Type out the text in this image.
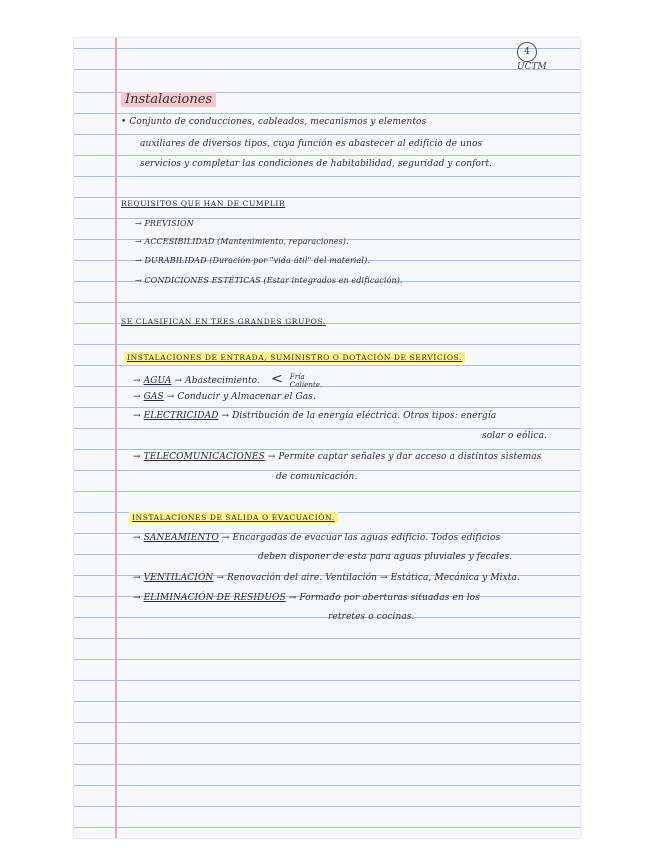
4
UCTM
Instalaciones
• Conjunto de conducciones, cableados, mecanismos y elementos
auxiliares de diversos tipos, cuya función es abastecer al edificio de unos
servicios y completar las condiciones de habitabilidad, seguridad y confort.
REQUISITOS QUE HAN DE CUMPLIR
→ PREVISIÓN
→ ACCESIBILIDAD (Mantenimiento, reparaciones).
→ DURABILIDAD (Duración por "vida útil" del material).
→ CONDICIONES ESTÉTICAS (Estar integrados en edificación).
SE CLASIFICAN EN TRES GRANDES GRUPOS.
INSTALACIONES DE ENTRADA, SUMINISTRO O DOTACIÓN DE SERVICIOS.
→ AGUA → Abastecimiento. < Fría
Caliente.
→ GAS → Conducir y Almacenar el Gas.
→ ELECTRICIDAD → Distribución de la energía eléctrica. Otros tipos: energía
solar o eólica.
→ TELECOMUNICACIONES → Permite captar señales y dar acceso a distintos sistemas
de comunicación.
INSTALACIONES DE SALIDA O EVACUACIÓN.
→ SANEAMIENTO → Encargadas de evacuar las aguas edificio. Todos edificios
deben disponer de esta para aguas pluviales y fecales.
→ VENTILACIÓN → Renovación del aire. Ventilación → Estática, Mecánica y Mixta.
→ ELIMINACIÓN DE RESIDUOS → Formado por aberturas situadas en los
retretes o cocinas.
